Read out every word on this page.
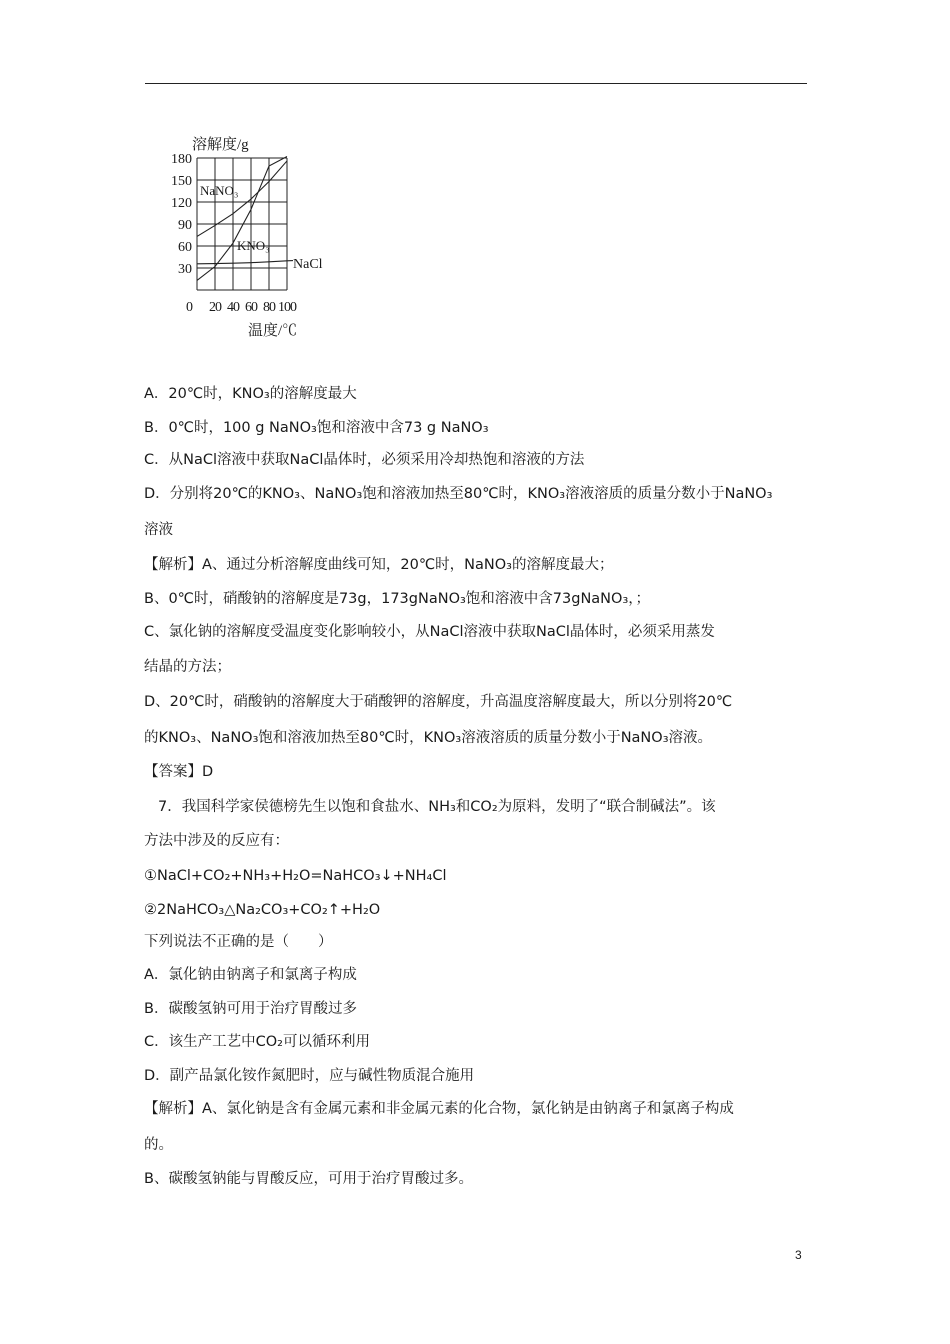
30
60
90
120
150
180
0 20 40 60 80 100
溶解度/g
温度/℃
NaNO₃
KNO₃
NaCl
A．20℃时，KNO₃的溶解度最大
B．0℃时，100 g NaNO₃饱和溶液中含73 g NaNO₃
C．从NaCl溶液中获取NaCl晶体时，必须采用冷却热饱和溶液的方法
D．分别将20℃的KNO₃、NaNO₃饱和溶液加热至80℃时，KNO₃溶液溶质的质量分数小于NaNO₃
溶液
【解析】A、通过分析溶解度曲线可知，20℃时，NaNO₃的溶解度最大；
B、0℃时，硝酸钠的溶解度是73g，173gNaNO₃饱和溶液中含73gNaNO₃，；
C、氯化钠的溶解度受温度变化影响较小，从NaCl溶液中获取NaCl晶体时，必须采用蒸发
结晶的方法；
D、20℃时，硝酸钠的溶解度大于硝酸钾的溶解度，升高温度溶解度最大，所以分别将20℃
的KNO₃、NaNO₃饱和溶液加热至80℃时，KNO₃溶液溶质的质量分数小于NaNO₃溶液。
【答案】D
7．我国科学家侯德榜先生以饱和食盐水、NH₃和CO₂为原料，发明了“联合制碱法”。该
方法中涉及的反应有：
①NaCl+CO₂+NH₃+H₂O=NaHCO₃↓+NH₄Cl
②2NaHCO₃△Na₂CO₃+CO₂↑+H₂O
下列说法不正确的是（　　）
A．氯化钠由钠离子和氯离子构成
B．碳酸氢钠可用于治疗胃酸过多
C．该生产工艺中CO₂可以循环利用
D．副产品氯化铵作氮肥时，应与碱性物质混合施用
【解析】A、氯化钠是含有金属元素和非金属元素的化合物，氯化钠是由钠离子和氯离子构成
的。
B、碳酸氢钠能与胃酸反应，可用于治疗胃酸过多。
3
